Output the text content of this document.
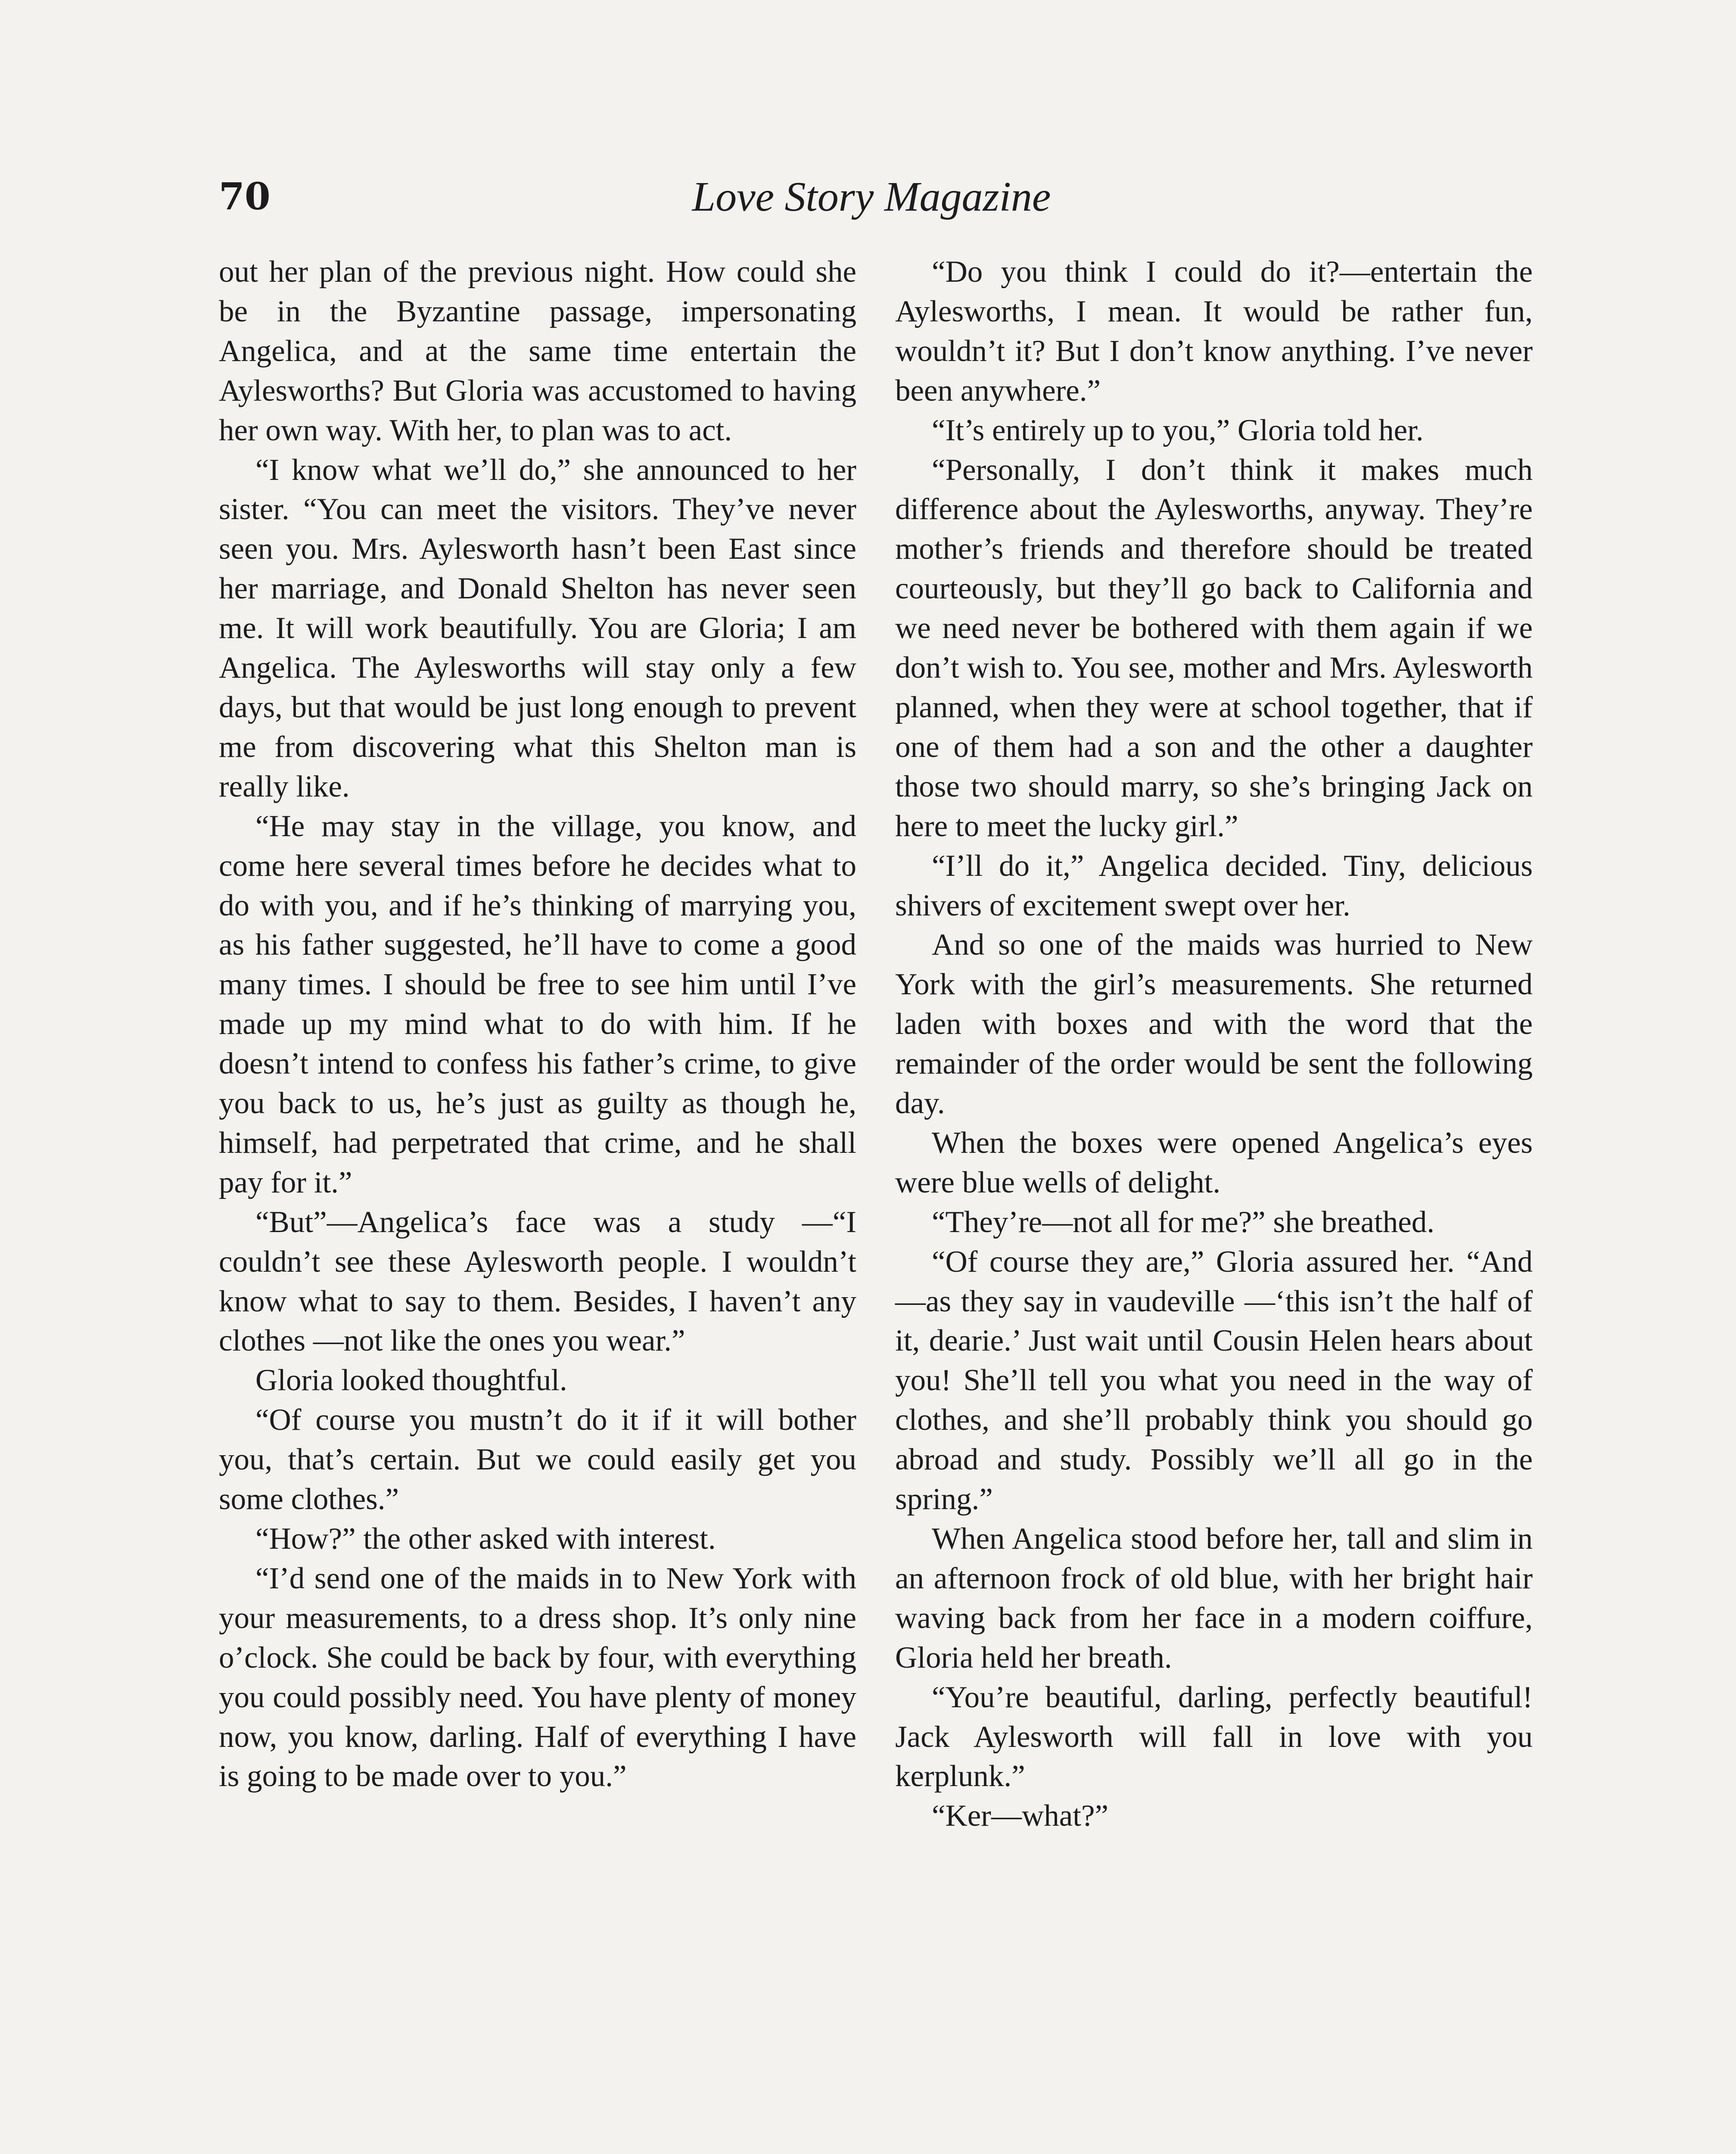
70	Love Story Magazine

out her plan of the previous night. How could she be in the Byzantine passage, impersonating Angelica, and at the same time entertain the Aylesworths? But Gloria was accustomed to having her own way. With her, to plan was to act.

“I know what we’ll do,” she announced to her sister. “You can meet the visitors. They’ve never seen you. Mrs. Aylesworth hasn’t been East since her marriage, and Donald Shelton has never seen me. It will work beautifully. You are Gloria; I am Angelica. The Aylesworths will stay only a few days, but that would be just long enough to prevent me from discovering what this Shelton man is really like.

“He may stay in the village, you know, and come here several times before he decides what to do with you, and if he’s thinking of marrying you, as his father suggested, he’ll have to come a good many times. I should be free to see him until I’ve made up my mind what to do with him. If he doesn’t intend to confess his father’s crime, to give you back to us, he’s just as guilty as though he, himself, had perpetrated that crime, and he shall pay for it.”

“But”—Angelica’s face was a study —“I couldn’t see these Aylesworth people. I wouldn’t know what to say to them. Besides, I haven’t any clothes —not like the ones you wear.”

Gloria looked thoughtful.

“Of course you mustn’t do it if it will bother you, that’s certain. But we could easily get you some clothes.”

“How?” the other asked with interest.

“I’d send one of the maids in to New York with your measurements, to a dress shop. It’s only nine o’clock. She could be back by four, with everything you could possibly need. You have plenty of money now, you know, darling. Half of everything I have is going to be made over to you.”

“Do you think I could do it?—entertain the Aylesworths, I mean. It would be rather fun, wouldn’t it? But I don’t know anything. I’ve never been anywhere.”

“It’s entirely up to you,” Gloria told her.

“Personally, I don’t think it makes much difference about the Aylesworths, anyway. They’re mother’s friends and therefore should be treated courteously, but they’ll go back to California and we need never be bothered with them again if we don’t wish to. You see, mother and Mrs. Aylesworth planned, when they were at school together, that if one of them had a son and the other a daughter those two should marry, so she’s bringing Jack on here to meet the lucky girl.”

“I’ll do it,” Angelica decided. Tiny, delicious shivers of excitement swept over her.

And so one of the maids was hurried to New York with the girl’s measurements. She returned laden with boxes and with the word that the remainder of the order would be sent the following day.

When the boxes were opened Angelica’s eyes were blue wells of delight.

“They’re—not all for me?” she breathed.

“Of course they are,” Gloria assured her. “And—as they say in vaudeville —‘this isn’t the half of it, dearie.’ Just wait until Cousin Helen hears about you! She’ll tell you what you need in the way of clothes, and she’ll probably think you should go abroad and study. Possibly we’ll all go in the spring.”

When Angelica stood before her, tall and slim in an afternoon frock of old blue, with her bright hair waving back from her face in a modern coiffure, Gloria held her breath.

“You’re beautiful, darling, perfectly beautiful! Jack Aylesworth will fall in love with you kerplunk.”

“Ker—what?”
